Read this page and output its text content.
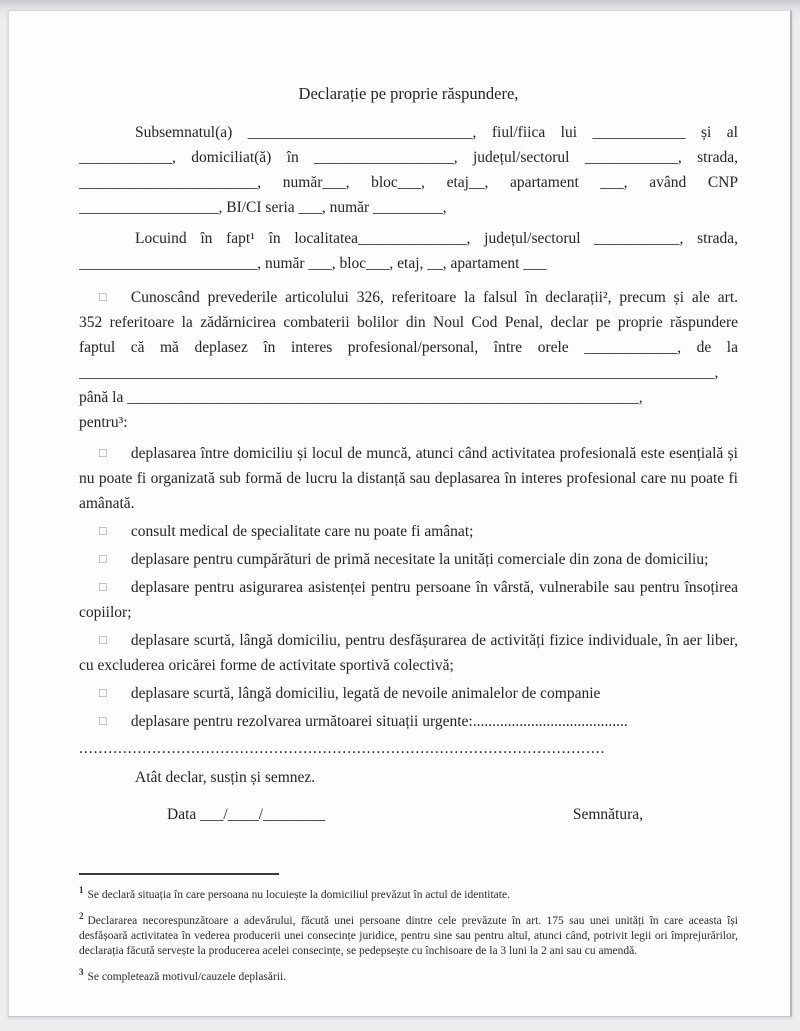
Declarație pe proprie răspundere,
Subsemnatul(a) _____________________________, fiul/fiica lui ____________ și al
____________, domiciliat(ă) în __________________, județul/sectorul ____________, strada,
_______________________, număr___, bloc___, etaj__, apartament ___, având CNP
__________________, BI/CI seria ___, număr _________,
Locuind în fapt¹ în localitatea______________, județul/sectorul ___________, strada,
_______________________, număr ___, bloc___, etaj, __, apartament ___
□ Cunoscând prevederile articolului 326, referitoare la falsul în declarații², precum și ale art.
352 referitoare la zădărnicirea combaterii bolilor din Noul Cod Penal, declar pe proprie răspundere
faptul că mă deplasez în interes profesional/personal, între orele ____________, de la
__________________________________________________________________________________,
până la __________________________________________________________________,
pentru³:

□ deplasarea între domiciliu și locul de muncă, atunci când activitatea profesională este esențială și nu poate fi organizată sub formă de lucru la distanță sau deplasarea în interes profesional care nu poate fi amânată.

□ consult medical de specialitate care nu poate fi amânat;

□ deplasare pentru cumpărături de primă necesitate la unități comerciale din zona de domiciliu;

□ deplasare pentru asigurarea asistenței pentru persoane în vârstă, vulnerabile sau pentru însoțirea copiilor;

□ deplasare scurtă, lângă domiciliu, pentru desfășurarea de activități fizice individuale, în aer liber, cu excluderea oricărei forme de activitate sportivă colectivă;

□ deplasare scurtă, lângă domiciliu, legată de nevoile animalelor de companie

□ deplasare pentru rezolvarea următoarei situații urgente:........................................

............................................................................................................
Atât declar, susțin și semnez.
Data ___/____/________	Semnătura,

$^1$ Se declară situația în care persoana nu locuiește la domiciliul prevăzut în actul de identitate.

$^2$ Declararea necorespunzătoare a adevărului, făcută unei persoane dintre cele prevăzute în art. 175 sau unei unități în care aceasta își desfășoară activitatea în vederea producerii unei consecințe juridice, pentru sine sau pentru altul, atunci când, potrivit legii ori împrejurărilor, declarația făcută servește la producerea acelei consecințe, se pedepsește cu închisoare de la 3 luni la 2 ani sau cu amendă.

$^3$ Se completează motivul/cauzele deplasării.
